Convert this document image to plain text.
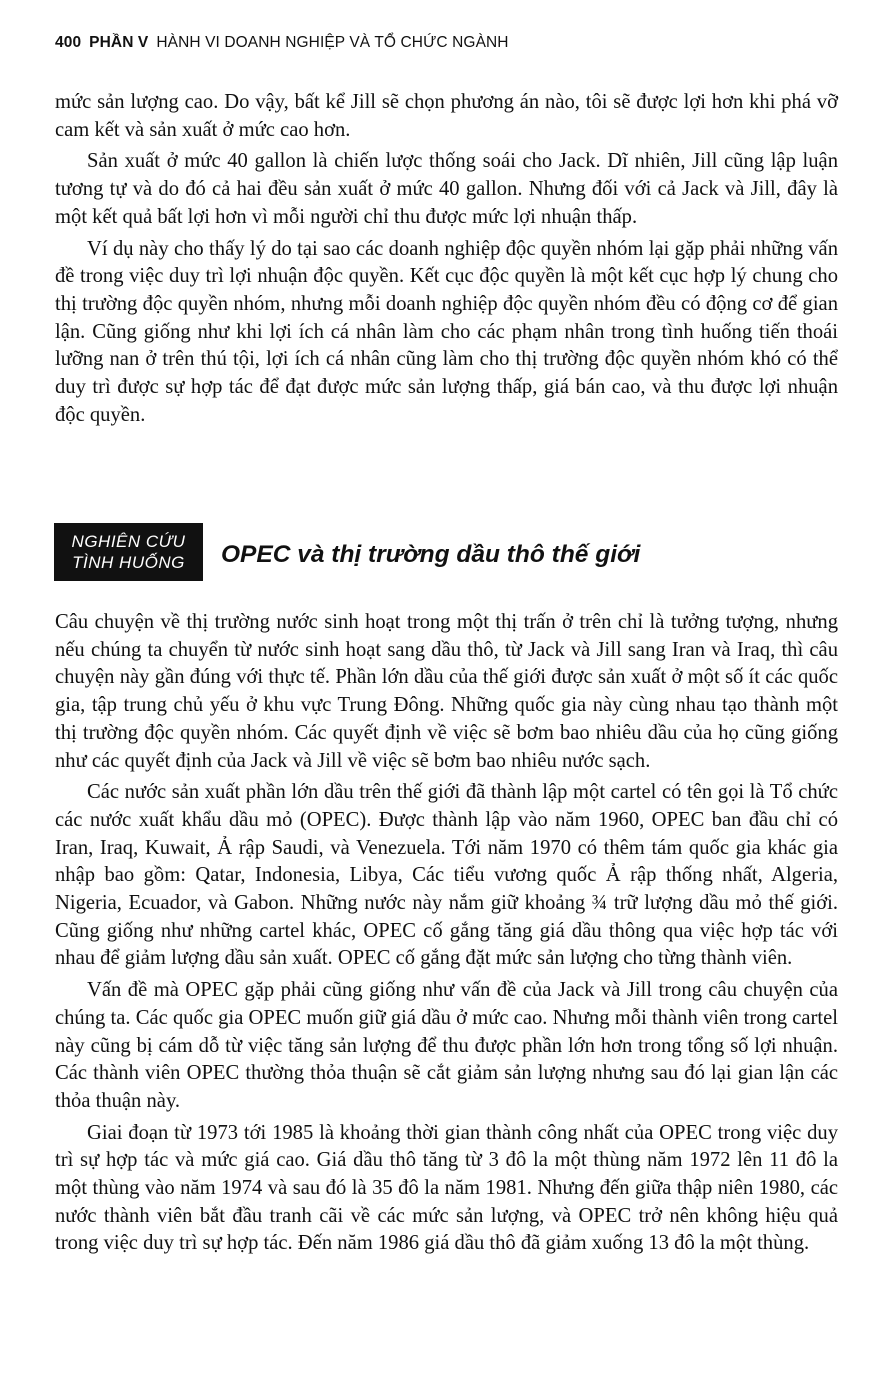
400 PHẦN V HÀNH VI DOANH NGHIỆP VÀ TỔ CHỨC NGÀNH

mức sản lượng cao. Do vậy, bất kể Jill sẽ chọn phương án nào, tôi sẽ được lợi hơn khi phá vỡ cam kết và sản xuất ở mức cao hơn.

Sản xuất ở mức 40 gallon là chiến lược thống soái cho Jack. Dĩ nhiên, Jill cũng lập luận tương tự và do đó cả hai đều sản xuất ở mức 40 gallon. Nhưng đối với cả Jack và Jill, đây là một kết quả bất lợi hơn vì mỗi người chỉ thu được mức lợi nhuận thấp.

Ví dụ này cho thấy lý do tại sao các doanh nghiệp độc quyền nhóm lại gặp phải những vấn đề trong việc duy trì lợi nhuận độc quyền. Kết cục độc quyền là một kết cục hợp lý chung cho thị trường độc quyền nhóm, nhưng mỗi doanh nghiệp độc quyền nhóm đều có động cơ để gian lận. Cũng giống như khi lợi ích cá nhân làm cho các phạm nhân trong tình huống tiến thoái lưỡng nan ở trên thú tội, lợi ích cá nhân cũng làm cho thị trường độc quyền nhóm khó có thể duy trì được sự hợp tác để đạt được mức sản lượng thấp, giá bán cao, và thu được lợi nhuận độc quyền.

NGHIÊN CỨU
TÌNH HUỐNG OPEC và thị trường dầu thô thế giới

Câu chuyện về thị trường nước sinh hoạt trong một thị trấn ở trên chỉ là tưởng tượng, nhưng nếu chúng ta chuyển từ nước sinh hoạt sang dầu thô, từ Jack và Jill sang Iran và Iraq, thì câu chuyện này gần đúng với thực tế. Phần lớn dầu của thế giới được sản xuất ở một số ít các quốc gia, tập trung chủ yếu ở khu vực Trung Đông. Những quốc gia này cùng nhau tạo thành một thị trường độc quyền nhóm. Các quyết định về việc sẽ bơm bao nhiêu dầu của họ cũng giống như các quyết định của Jack và Jill về việc sẽ bơm bao nhiêu nước sạch.

Các nước sản xuất phần lớn dầu trên thế giới đã thành lập một cartel có tên gọi là Tổ chức các nước xuất khẩu dầu mỏ (OPEC). Được thành lập vào năm 1960, OPEC ban đầu chỉ có Iran, Iraq, Kuwait, Ả rập Saudi, và Venezuela. Tới năm 1970 có thêm tám quốc gia khác gia nhập bao gồm: Qatar, Indonesia, Libya, Các tiểu vương quốc Ả rập thống nhất, Algeria, Nigeria, Ecuador, và Gabon. Những nước này nắm giữ khoảng ¾ trữ lượng dầu mỏ thế giới. Cũng giống như những cartel khác, OPEC cố gắng tăng giá dầu thông qua việc hợp tác với nhau để giảm lượng dầu sản xuất. OPEC cố gắng đặt mức sản lượng cho từng thành viên.

Vấn đề mà OPEC gặp phải cũng giống như vấn đề của Jack và Jill trong câu chuyện của chúng ta. Các quốc gia OPEC muốn giữ giá dầu ở mức cao. Nhưng mỗi thành viên trong cartel này cũng bị cám dỗ từ việc tăng sản lượng để thu được phần lớn hơn trong tổng số lợi nhuận. Các thành viên OPEC thường thỏa thuận sẽ cắt giảm sản lượng nhưng sau đó lại gian lận các thỏa thuận này.

Giai đoạn từ 1973 tới 1985 là khoảng thời gian thành công nhất của OPEC trong việc duy trì sự hợp tác và mức giá cao. Giá dầu thô tăng từ 3 đô la một thùng năm 1972 lên 11 đô la một thùng vào năm 1974 và sau đó là 35 đô la năm 1981. Nhưng đến giữa thập niên 1980, các nước thành viên bắt đầu tranh cãi về các mức sản lượng, và OPEC trở nên không hiệu quả trong việc duy trì sự hợp tác. Đến năm 1986 giá dầu thô đã giảm xuống 13 đô la một thùng.
